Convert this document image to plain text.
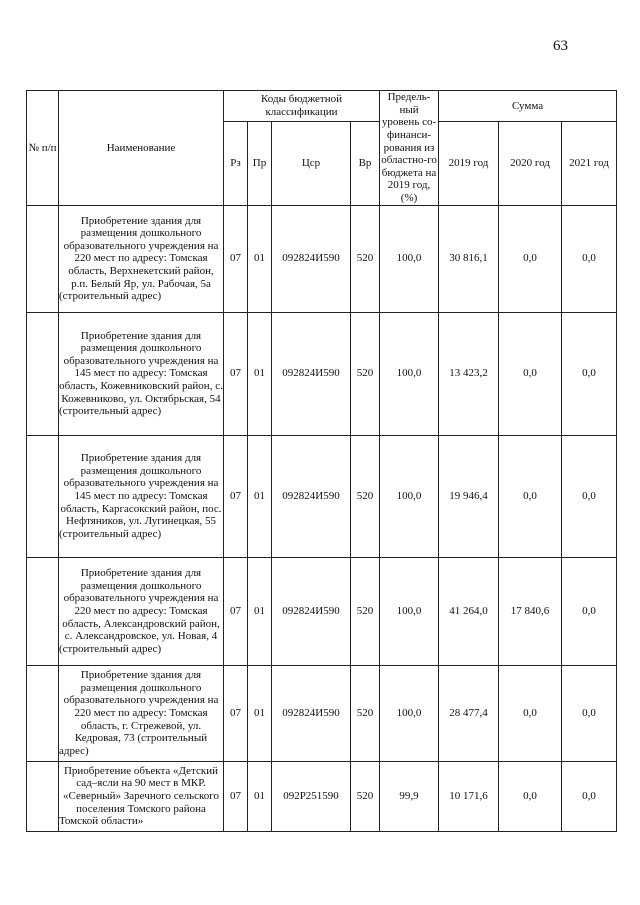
63
№ п/п	Наименование	Коды бюджетной классификации				Предель-ный уровень со-финанси-рования из областно-го бюджета на 2019 год, (%)	Сумма		
		Рз	Пр	Цср	Вр		2019 год	2020 год	2021 год
	Приобретение здания для размещения дошкольного образовательного учреждения на 220 мест по адресу: Томская область, Верхнекетский район, р.п. Белый Яр, ул. Рабочая, 5а (строительный адрес)	07	01	092824И590	520	100,0	30 816,1	0,0	0,0
	Приобретение здания для размещения дошкольного образовательного учреждения на 145 мест по адресу: Томская область, Кожевниковский район, с. Кожевниково, ул. Октябрьская, 54 (строительный адрес)	07	01	092824И590	520	100,0	13 423,2	0,0	0,0
	Приобретение здания для размещения дошкольного образовательного учреждения на 145 мест по адресу: Томская область, Каргасокский район, пос. Нефтяников, ул. Лугинецкая, 55 (строительный адрес)	07	01	092824И590	520	100,0	19 946,4	0,0	0,0
	Приобретение здания для размещения дошкольного образовательного учреждения на 220 мест по адресу: Томская область, Александровский район, с. Александровское, ул. Новая, 4 (строительный адрес)	07	01	092824И590	520	100,0	41 264,0	17 840,6	0,0
	Приобретение здания для размещения дошкольного образовательного учреждения на 220 мест по адресу: Томская область, г. Стрежевой, ул. Кедровая, 73 (строительный адрес)	07	01	092824И590	520	100,0	28 477,4	0,0	0,0
	Приобретение объекта «Детский сад–ясли на 90 мест в МКР. «Северный» Заречного сельского поселения Томского района Томской области»	07	01	092P251590	520	99,9	10 171,6	0,0	0,0
